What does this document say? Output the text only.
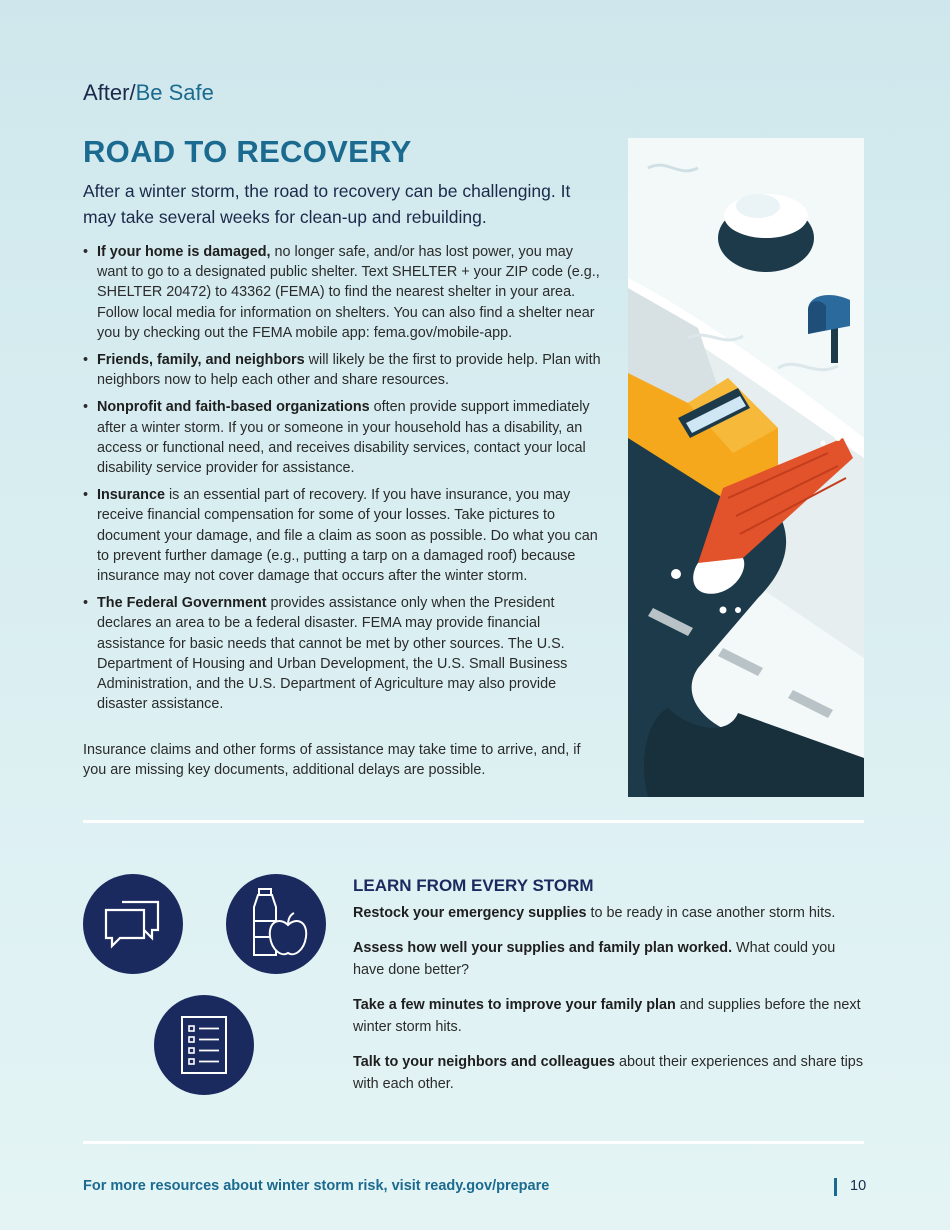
After/Be Safe
ROAD TO RECOVERY
After a winter storm, the road to recovery can be challenging. It may take several weeks for clean-up and rebuilding.
• If your home is damaged, no longer safe, and/or has lost power, you may want to go to a designated public shelter. Text SHELTER + your ZIP code (e.g., SHELTER 20472) to 43362 (FEMA) to find the nearest shelter in your area. Follow local media for information on shelters. You can also find a shelter near you by checking out the FEMA mobile app: fema.gov/mobile-app.
• Friends, family, and neighbors will likely be the first to provide help. Plan with neighbors now to help each other and share resources.
• Nonprofit and faith-based organizations often provide support immediately after a winter storm. If you or someone in your household has a disability, an access or functional need, and receives disability services, contact your local disability service provider for assistance.
• Insurance is an essential part of recovery. If you have insurance, you may receive financial compensation for some of your losses. Take pictures to document your damage, and file a claim as soon as possible. Do what you can to prevent further damage (e.g., putting a tarp on a damaged roof) because insurance may not cover damage that occurs after the winter storm.
• The Federal Government provides assistance only when the President declares an area to be a federal disaster. FEMA may provide financial assistance for basic needs that cannot be met by other sources. The U.S. Department of Housing and Urban Development, the U.S. Small Business Administration, and the U.S. Department of Agriculture may also provide disaster assistance.
Insurance claims and other forms of assistance may take time to arrive, and, if you are missing key documents, additional delays are possible.
LEARN FROM EVERY STORM
Restock your emergency supplies to be ready in case another storm hits.
Assess how well your supplies and family plan worked. What could you have done better?
Take a few minutes to improve your family plan and supplies before the next winter storm hits.
Talk to your neighbors and colleagues about their experiences and share tips with each other.
For more resources about winter storm risk, visit ready.gov/prepare	10
